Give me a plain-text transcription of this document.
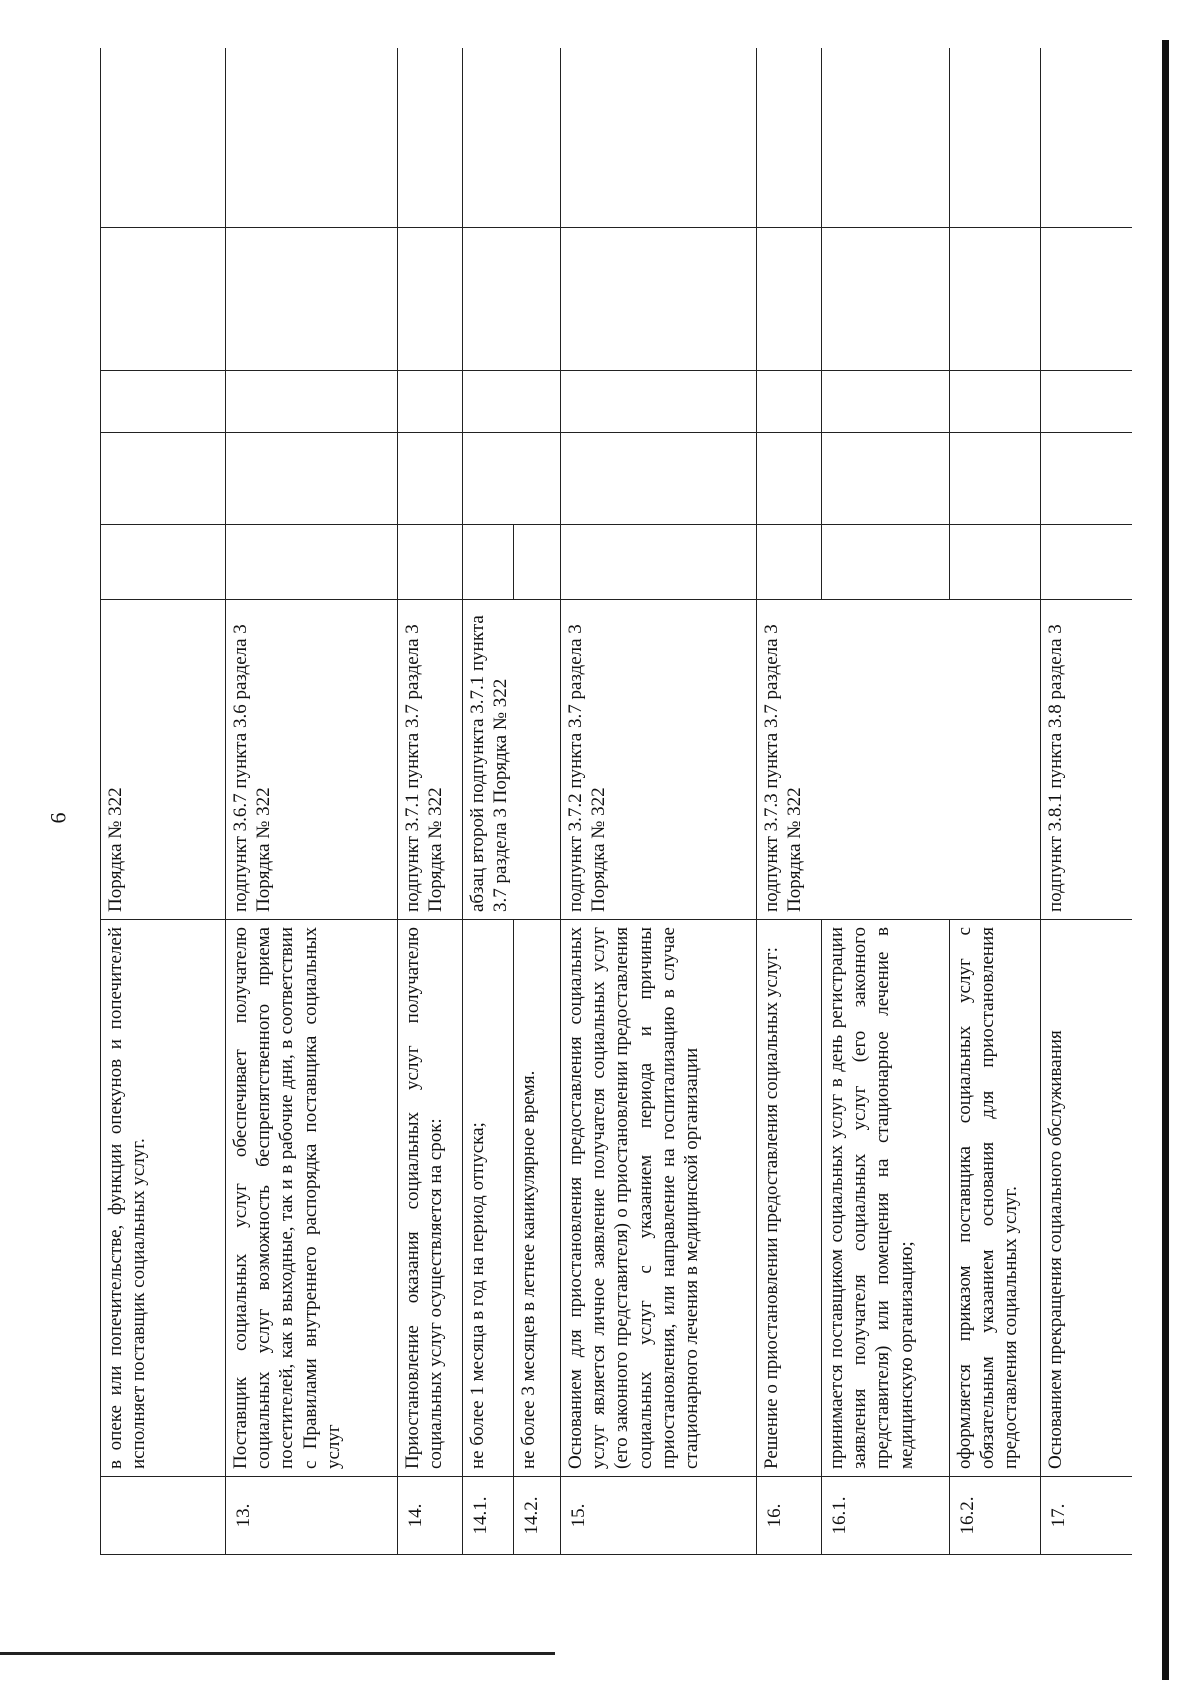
6
	в опеке или попечительстве, функции опекунов и попечителей исполняет поставщик социальных услуг.	Порядка № 322					
13.	Поставщик социальных услуг обеспечивает получателю социальных услуг возможность беспрепятственного приема посетителей, как в выходные, так и в рабочие дни, в соответствии с Правилами внутреннего распорядка поставщика социальных услуг	подпункт 3.6.7 пункта 3.6 раздела 3 Порядка № 322					
14.	Приостановление оказания социальных услуг получателю социальных услуг осуществляется на срок:	подпункт 3.7.1 пункта 3.7 раздела 3 Порядка № 322					
14.1.	не более 1 месяца в год на период отпуска;	абзац второй подпункта 3.7.1 пункта 3.7 раздела 3 Порядка № 322					
14.2.	не более 3 месяцев в летнее каникулярное время.						
15.	Основанием для приостановления предоставления социальных услуг является личное заявление получателя социальных услуг (его законного представителя) о приостановлении предоставления социальных услуг с указанием периода и причины приостановления, или направление на госпитализацию в случае стационарного лечения в медицинской организации	подпункт 3.7.2 пункта 3.7 раздела 3 Порядка № 322					
16.	Решение о приостановлении предоставления социальных услуг:	подпункт 3.7.3 пункта 3.7 раздела 3 Порядка № 322					
16.1.	принимается поставщиком социальных услуг в день регистрации заявления получателя социальных услуг (его законного представителя) или помещения на стационарное лечение в медицинскую организацию;						
16.2.	оформляется приказом поставщика социальных услуг с обязательным указанием основания для приостановления предоставления социальных услуг.						
17.	Основанием прекращения социального обслуживания	подпункт 3.8.1 пункта 3.8 раздела 3					
